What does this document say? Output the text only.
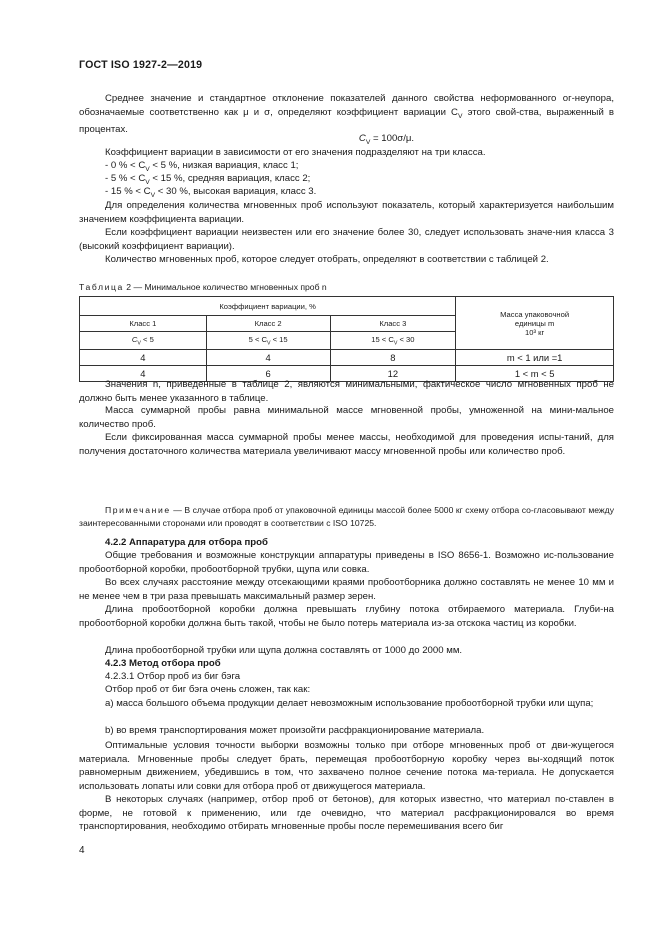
ГОСТ ISO 1927-2—2019
Среднее значение и стандартное отклонение показателей данного свойства неформованного ог-неупора, обозначаемые соответственно как μ и σ, определяют коэффициент вариации $C_V$ этого свой-ства, выраженный в процентах.
$C_V = 100\sigma/\mu$.
Коэффициент вариации в зависимости от его значения подразделяют на три класса.
- 0 % < $C_V < 5$ %, низкая вариация, класс 1;
- 5 % < $C_V < 15$ %, средняя вариация, класс 2;
- 15 % < $C_V < 30$ %, высокая вариация, класс 3.
Для определения количества мгновенных проб используют показатель, который характеризуется наибольшим значением коэффициента вариации.
Если коэффициент вариации неизвестен или его значение более 30, следует использовать значе-ния класса 3 (высокий коэффициент вариации).
Количество мгновенных проб, которое следует отобрать, определяют в соответствии с таблицей 2.
Таблица 2 — Минимальное количество мгновенных проб n
Коэффициент вариации, %			Масса упаковочной
единицы m
10³ кг

Класс 1	Класс 2	Класс 3	
$C_V < 5$	$5 < C_V < 15$	$15 < C_V < 30$	
4	4	8	m < 1 или =1
4	6	12	1 < m < 5
Значения n, приведенные в таблице 2, являются минимальными, фактическое число мгновенных проб не должно быть менее указанного в таблице.
Масса суммарной пробы равна минимальной массе мгновенной пробы, умноженной на мини-мальное количество проб.
Если фиксированная масса суммарной пробы менее массы, необходимой для проведения испы-таний, для получения достаточного количества материала увеличивают массу мгновенной пробы или количество проб.
Примечание — В случае отбора проб от упаковочной единицы массой более 5000 кг схему отбора со-гласовывают между заинтересованными сторонами или проводят в соответствии с ISO 10725.
4.2.2 Аппаратура для отбора проб
Общие требования и возможные конструкции аппаратуры приведены в ISO 8656-1. Возможно ис-пользование пробоотборной коробки, пробоотборной трубки, щупа или совка.
Во всех случаях расстояние между отсекающими краями пробоотборника должно составлять не менее 10 мм и не менее чем в три раза превышать максимальный размер зерен.
Длина пробоотборной коробки должна превышать глубину потока отбираемого материала. Глуби-на пробоотборной коробки должна быть такой, чтобы не было потерь материала из-за отскока частиц из коробки.
Длина пробоотборной трубки или щупа должна составлять от 1000 до 2000 мм.
4.2.3 Метод отбора проб
4.2.3.1 Отбор проб из биг бэга
Отбор проб от биг бэга очень сложен, так как:
a) масса большого объема продукции делает невозможным использование пробоотборной трубки или щупа;
b) во время транспортирования может произойти расфракционирование материала.
Оптимальные условия точности выборки возможны только при отборе мгновенных проб от дви-жущегося материала. Мгновенные пробы следует брать, перемещая пробоотборную коробку через вы-ходящий поток равномерным движением, убедившись в том, что захвачено полное сечение потока ма-териала. Не допускается использовать лопаты или совки для отбора проб от движущегося материала.
В некоторых случаях (например, отбор проб от бетонов), для которых известно, что материал по-ставлен в форме, не готовой к применению, или где очевидно, что материал расфракционировался во время транспортирования, необходимо отбирать мгновенные пробы после перемешивания всего биг
4
